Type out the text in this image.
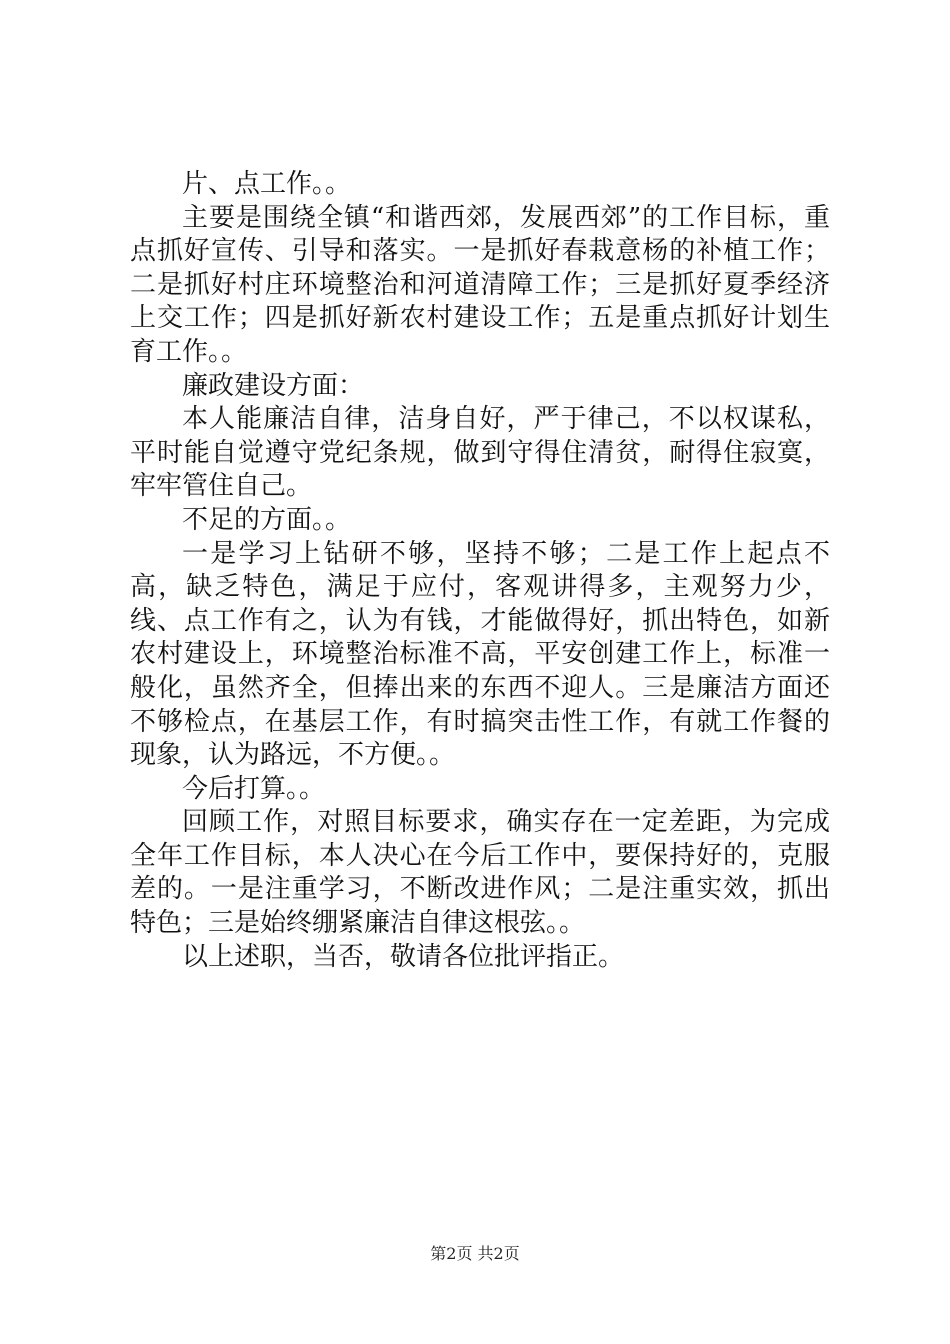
片、点工作。。

主要是围绕全镇“和谐西郊，发展西郊”的工作目标，重点抓好宣传、引导和落实。一是抓好春栽意杨的补植工作；二是抓好村庄环境整治和河道清障工作；三是抓好夏季经济上交工作；四是抓好新农村建设工作；五是重点抓好计划生育工作。。

廉政建设方面：

本人能廉洁自律，洁身自好，严于律己，不以权谋私，平时能自觉遵守党纪条规，做到守得住清贫，耐得住寂寞，牢牢管住自己。

不足的方面。。

一是学习上钻研不够，坚持不够；二是工作上起点不高，缺乏特色，满足于应付，客观讲得多，主观努力少，线、点工作有之，认为有钱，才能做得好，抓出特色，如新农村建设上，环境整治标准不高，平安创建工作上，标准一般化，虽然齐全，但捧出来的东西不迎人。三是廉洁方面还不够检点，在基层工作，有时搞突击性工作，有就工作餐的现象，认为路远，不方便。。

今后打算。。

回顾工作，对照目标要求，确实存在一定差距，为完成全年工作目标，本人决心在今后工作中，要保持好的，克服差的。一是注重学习，不断改进作风；二是注重实效，抓出特色；三是始终绷紧廉洁自律这根弦。。

以上述职，当否，敬请各位批评指正。

第2页 共2页
